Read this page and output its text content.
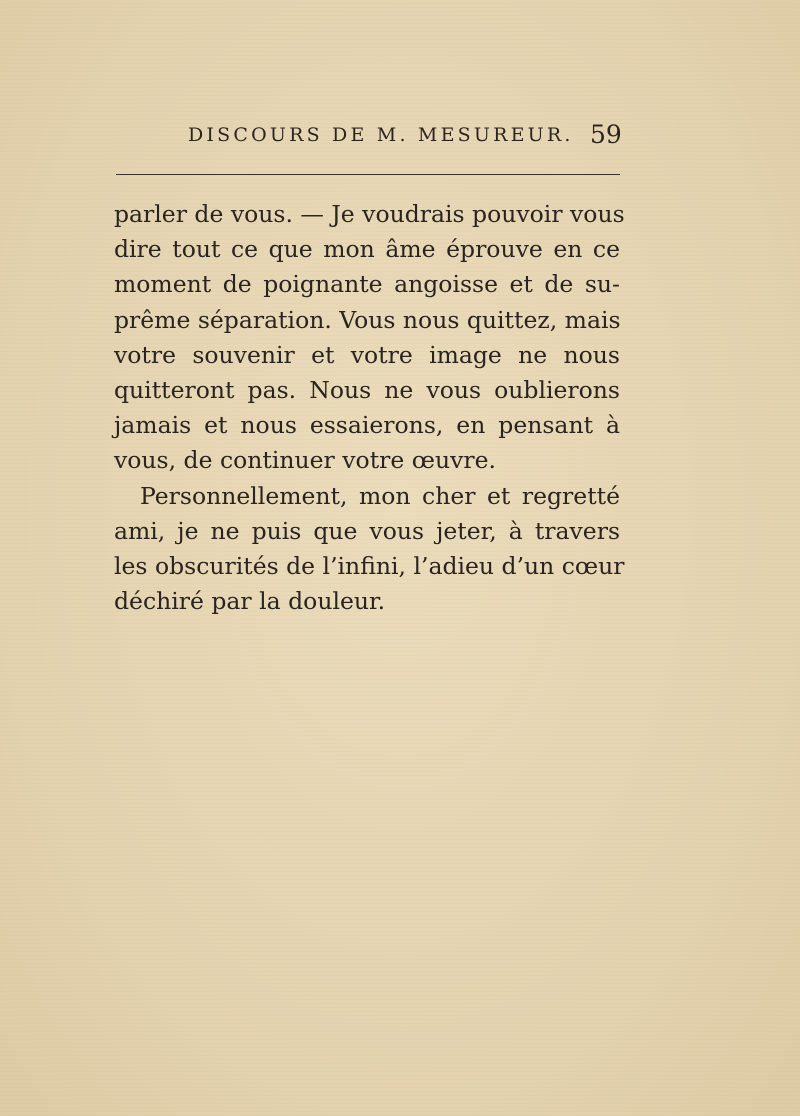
DISCOURS DE M. MESUREUR. 59
parler de vous. — Je voudrais pouvoir vous
dire tout ce que mon âme éprouve en ce
moment de poignante angoisse et de su-
prême séparation. Vous nous quittez, mais
votre souvenir et votre image ne nous
quitteront pas. Nous ne vous oublierons
jamais et nous essaierons, en pensant à
vous, de continuer votre œuvre.
Personnellement, mon cher et regretté
ami, je ne puis que vous jeter, à travers
les obscurités de l’infini, l’adieu d’un cœur
déchiré par la douleur.
